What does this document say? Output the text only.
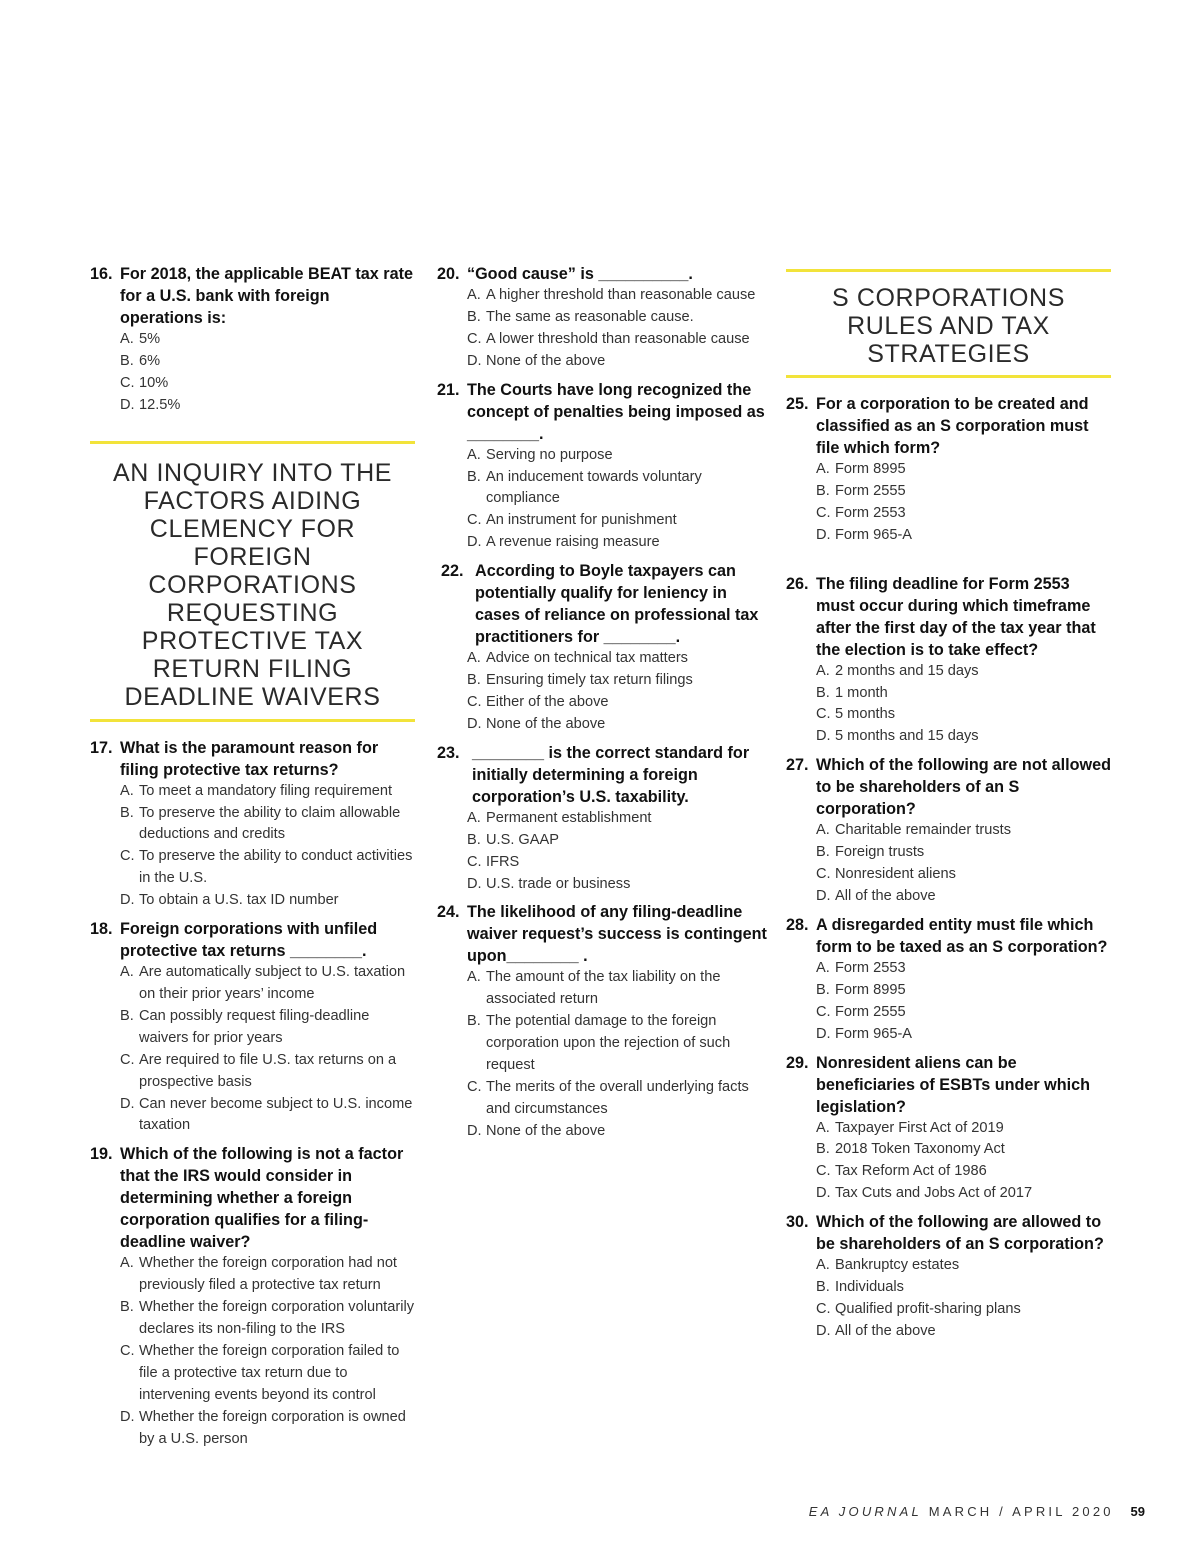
16. For 2018, the applicable BEAT tax rate for a U.S. bank with foreign operations is:
A. 5%
B. 6%
C. 10%
D. 12.5%
AN INQUIRY INTO THE FACTORS AIDING CLEMENCY FOR FOREIGN CORPORATIONS REQUESTING PROTECTIVE TAX RETURN FILING DEADLINE WAIVERS
17. What is the paramount reason for filing protective tax returns?
A. To meet a mandatory filing requirement
B. To preserve the ability to claim allowable deductions and credits
C. To preserve the ability to conduct activities in the U.S.
D. To obtain a U.S. tax ID number
18. Foreign corporations with unfiled protective tax returns ________.
A. Are automatically subject to U.S. taxation on their prior years’ income
B. Can possibly request filing-deadline waivers for prior years
C. Are required to file U.S. tax returns on a prospective basis
D. Can never become subject to U.S. income taxation
19. Which of the following is not a factor that the IRS would consider in determining whether a foreign corporation qualifies for a filing-deadline waiver?
A. Whether the foreign corporation had not previously filed a protective tax return
B. Whether the foreign corporation voluntarily declares its non-filing to the IRS
C. Whether the foreign corporation failed to file a protective tax return due to intervening events beyond its control
D. Whether the foreign corporation is owned by a U.S. person
20. “Good cause” is __________.
A. A higher threshold than reasonable cause
B. The same as reasonable cause.
C. A lower threshold than reasonable cause
D. None of the above
21. The Courts have long recognized the concept of penalties being imposed as ________.
A. Serving no purpose
B. An inducement towards voluntary compliance
C. An instrument for punishment
D. A revenue raising measure
22. According to Boyle taxpayers can potentially qualify for leniency in cases of reliance on professional tax practitioners for ________.
A. Advice on technical tax matters
B. Ensuring timely tax return filings
C. Either of the above
D. None of the above
23. ________ is the correct standard for initially determining a foreign corporation’s U.S. taxability.
A. Permanent establishment
B. U.S. GAAP
C. IFRS
D. U.S. trade or business
24. The likelihood of any filing-deadline waiver request’s success is contingent upon________ .
A. The amount of the tax liability on the associated return
B. The potential damage to the foreign corporation upon the rejection of such request
C. The merits of the overall underlying facts and circumstances
D. None of the above
S CORPORATIONS RULES AND TAX STRATEGIES
25. For a corporation to be created and classified as an S corporation must file which form?
A. Form 8995
B. Form 2555
C. Form 2553
D. Form 965-A
26. The filing deadline for Form 2553 must occur during which timeframe after the first day of the tax year that the election is to take effect?
A. 2 months and 15 days
B. 1 month
C. 5 months
D. 5 months and 15 days
27. Which of the following are not allowed to be shareholders of an S corporation?
A. Charitable remainder trusts
B. Foreign trusts
C. Nonresident aliens
D. All of the above
28. A disregarded entity must file which form to be taxed as an S corporation?
A. Form 2553
B. Form 8995
C. Form 2555
D. Form 965-A
29. Nonresident aliens can be beneficiaries of ESBTs under which legislation?
A. Taxpayer First Act of 2019
B. 2018 Token Taxonomy Act
C. Tax Reform Act of 1986
D. Tax Cuts and Jobs Act of 2017
30. Which of the following are allowed to be shareholders of an S corporation?
A. Bankruptcy estates
B. Individuals
C. Qualified profit-sharing plans
D. All of the above
EA JOURNAL MARCH / APRIL 2020 59
